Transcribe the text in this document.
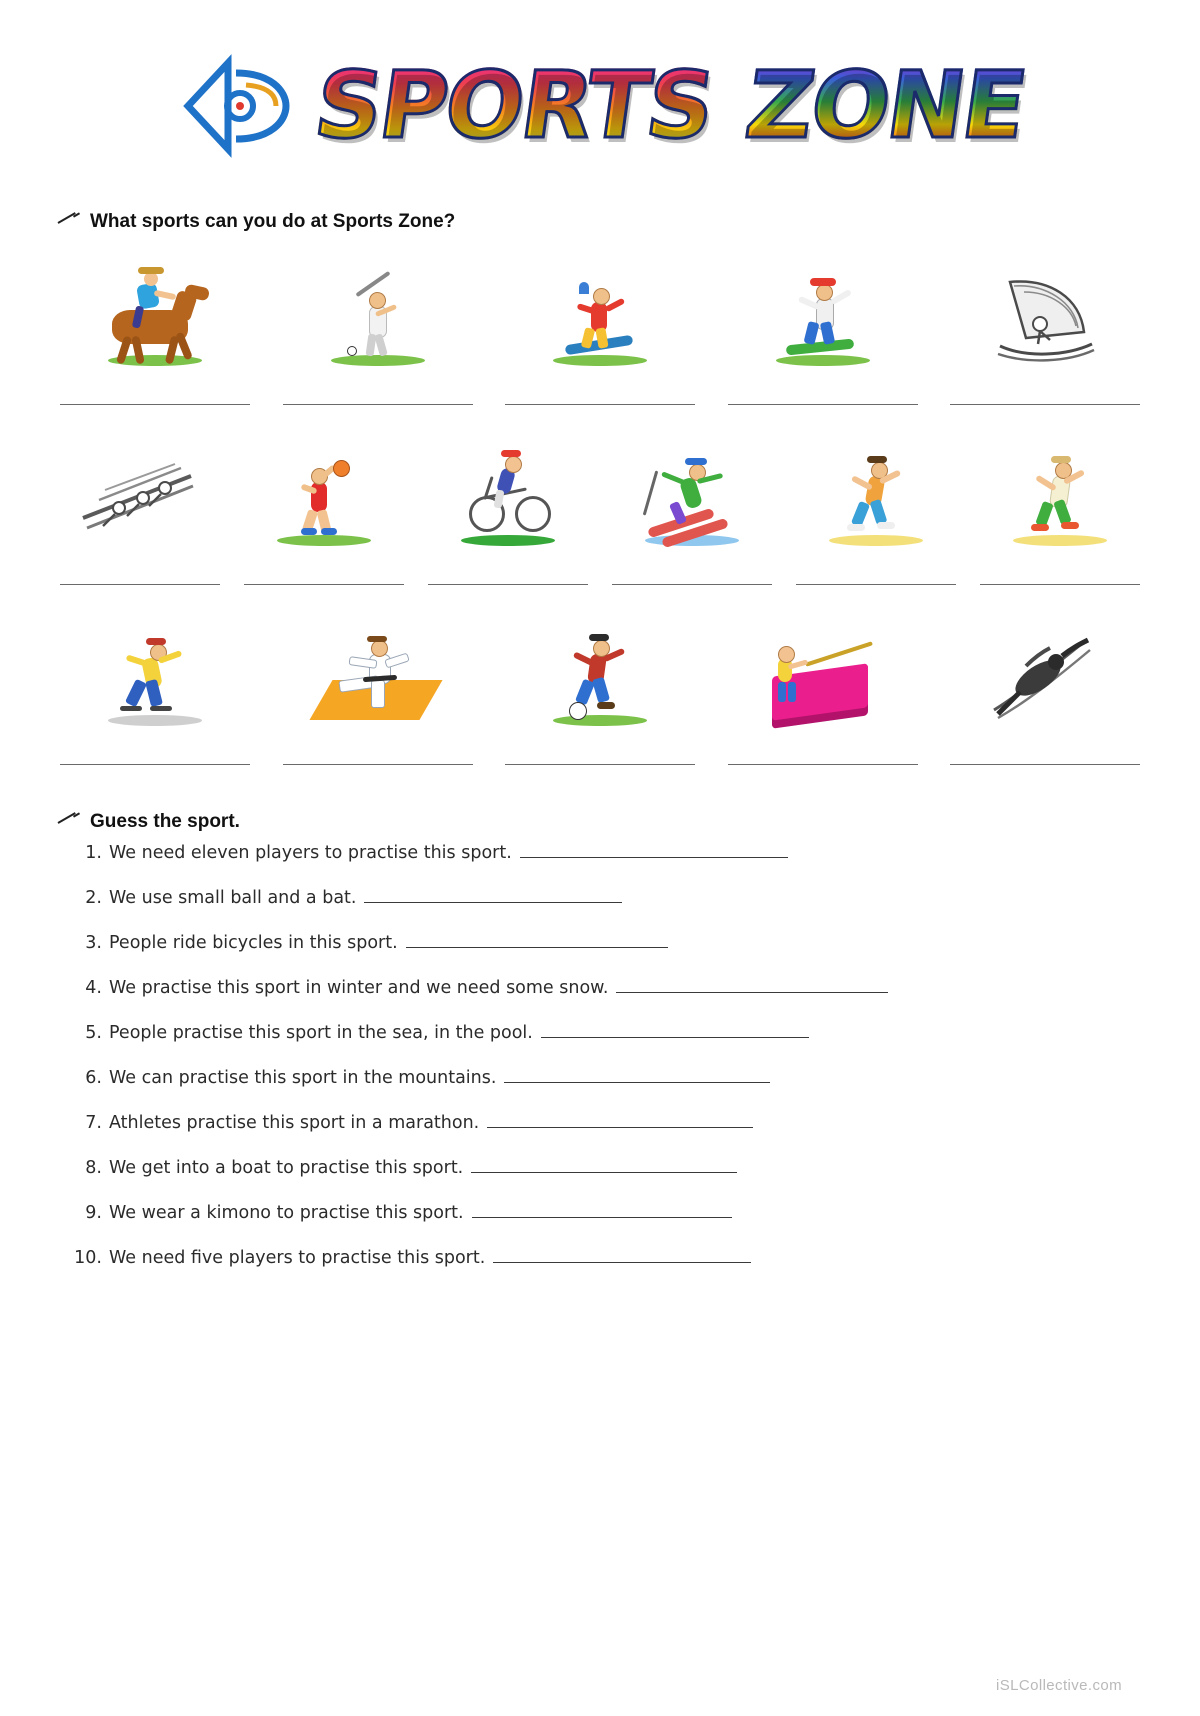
SPORTS ZONE
What sports can you do at Sports Zone?
Guess the sport.
1. We need eleven players to practise this sport.
2. We use small ball and a bat.
3. People ride bicycles in this sport.
4. We practise this sport in winter and we need some snow.
5. People practise this sport in the sea, in the pool.
6. We can practise this sport in the mountains.
7. Athletes practise this sport in a marathon.
8. We get into a boat to practise this sport.
9. We wear a kimono to practise this sport.
10. We need five players to practise this sport.
iSLCollective.com
